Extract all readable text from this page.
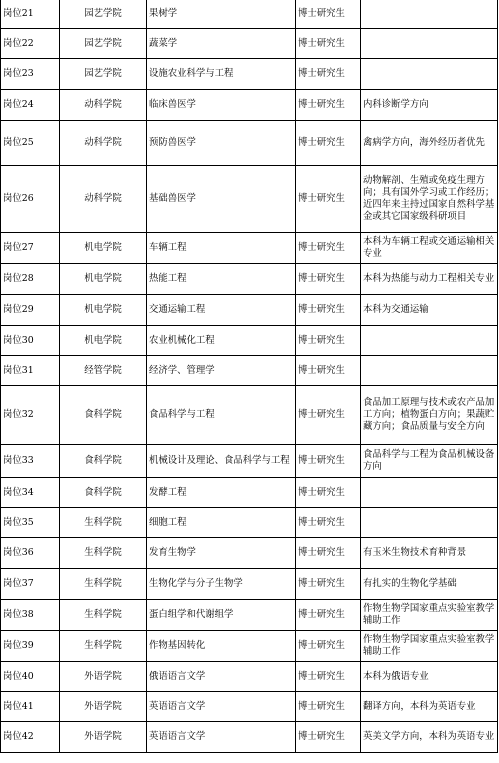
岗位21	园艺学院	果树学	博士研究生	
岗位22	园艺学院	蔬菜学	博士研究生	
岗位23	园艺学院	设施农业科学与工程	博士研究生	
岗位24	动科学院	临床兽医学	博士研究生	内科诊断学方向
岗位25	动科学院	预防兽医学	博士研究生	禽病学方向，海外经历者优先
岗位26	动科学院	基础兽医学	博士研究生	动物解剖、生殖或免疫生理方向；具有国外学习或工作经历；近四年来主持过国家自然科学基金或其它国家级科研项目
岗位27	机电学院	车辆工程	博士研究生	本科为车辆工程或交通运输相关专业
岗位28	机电学院	热能工程	博士研究生	本科为热能与动力工程相关专业
岗位29	机电学院	交通运输工程	博士研究生	本科为交通运输
岗位30	机电学院	农业机械化工程	博士研究生	
岗位31	经管学院	经济学、管理学	博士研究生	
岗位32	食科学院	食品科学与工程	博士研究生	食品加工原理与技术或农产品加工方向；植物蛋白方向；果蔬贮藏方向；食品质量与安全方向
岗位33	食科学院	机械设计及理论、食品科学与工程	博士研究生	食品科学与工程为食品机械设备方向
岗位34	食科学院	发酵工程	博士研究生	
岗位35	生科学院	细胞工程	博士研究生	
岗位36	生科学院	发育生物学	博士研究生	有玉米生物技术育种背景
岗位37	生科学院	生物化学与分子生物学	博士研究生	有扎实的生物化学基础
岗位38	生科学院	蛋白组学和代谢组学	博士研究生	作物生物学国家重点实验室教学辅助工作
岗位39	生科学院	作物基因转化	博士研究生	作物生物学国家重点实验室教学辅助工作
岗位40	外语学院	俄语语言文学	博士研究生	本科为俄语专业
岗位41	外语学院	英语语言文学	博士研究生	翻译方向，本科为英语专业
岗位42	外语学院	英语语言文学	博士研究生	英美文学方向，本科为英语专业
